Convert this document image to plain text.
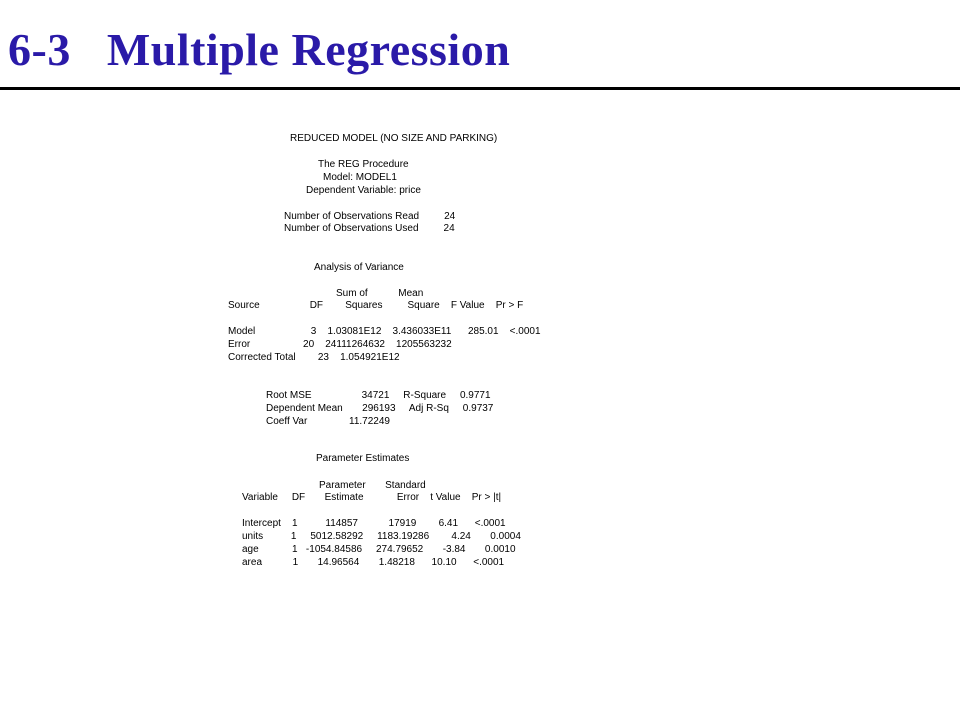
6-3   Multiple Regression
REDUCED MODEL (NO SIZE AND PARKING)
The REG Procedure
Model: MODEL1
Dependent Variable: price
Number of Observations Read         24
Number of Observations Used         24
Analysis of Variance
Sum of           Mean
Source                  DF        Squares         Square    F Value    Pr > F
Model                    3    1.03081E12    3.436033E11      285.01    <.0001
Error                   20    24111264632    1205563232
Corrected Total        23    1.054921E12
Root MSE                  34721     R-Square     0.9771
Dependent Mean       296193     Adj R-Sq     0.9737
Coeff Var               11.72249
Parameter Estimates
Parameter       Standard
Variable     DF       Estimate            Error    t Value    Pr > |t|
Intercept    1          114857           17919        6.41      <.0001
units          1     5012.58292     1183.19286        4.24       0.0004
age            1   -1054.84586     274.79652       -3.84       0.0010
area           1       14.96564       1.48218      10.10      <.0001
